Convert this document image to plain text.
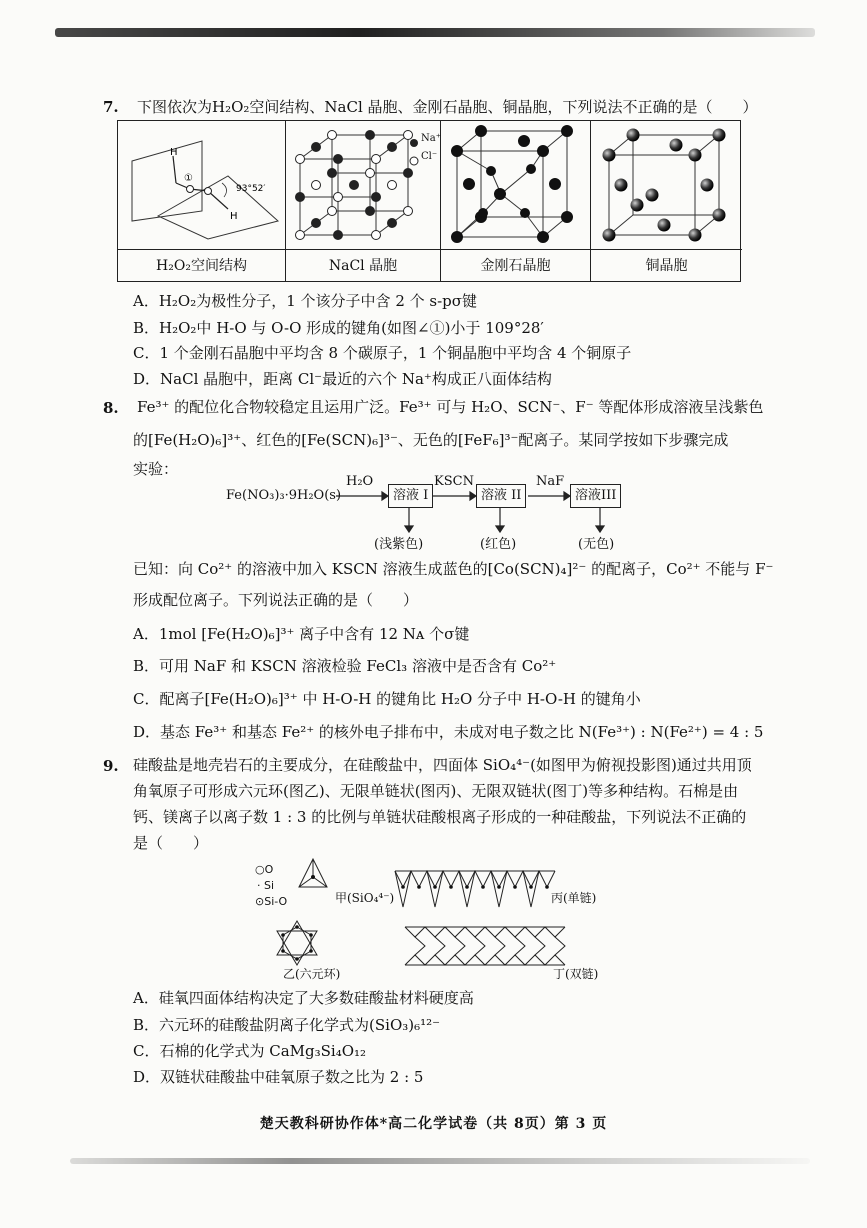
7. 下图依次为H₂O₂空间结构、NaCl 晶胞、金刚石晶胞、铜晶胞，下列说法不正确的是（　　）
H
H
①
93°52′
Na⁺
Cl⁻
H₂O₂空间结构	NaCl 晶胞	金刚石晶胞	铜晶胞
A．H₂O₂为极性分子，1 个该分子中含 2 个 s-pσ键
B．H₂O₂中 H-O 与 O-O 形成的键角(如图∠①)小于 109°28′
C．1 个金刚石晶胞中平均含 8 个碳原子，1 个铜晶胞中平均含 4 个铜原子
D．NaCl 晶胞中，距离 Cl⁻最近的六个 Na⁺构成正八面体结构
8. Fe³⁺ 的配位化合物较稳定且运用广泛。Fe³⁺ 可与 H₂O、SCN⁻、F⁻ 等配体形成溶液呈浅紫色
的[Fe(H₂O)₆]³⁺、红色的[Fe(SCN)₆]³⁻、无色的[FeF₆]³⁻配离子。某同学按如下步骤完成
实验：
Fe(NO₃)₃·9H₂O(s)
H₂O	KSCN	NaF
溶液 I	溶液 II	溶液III
(浅紫色)	(红色)	(无色)
已知：向 Co²⁺ 的溶液中加入 KSCN 溶液生成蓝色的[Co(SCN)₄]²⁻ 的配离子，Co²⁺ 不能与 F⁻
形成配位离子。下列说法正确的是（　　）
A．1mol [Fe(H₂O)₆]³⁺ 离子中含有 12 Nᴀ 个σ键
B．可用 NaF 和 KSCN 溶液检验 FeCl₃ 溶液中是否含有 Co²⁺
C．配离子[Fe(H₂O)₆]³⁺ 中 H-O-H 的键角比 H₂O 分子中 H-O-H 的键角小
D．基态 Fe³⁺ 和基态 Fe²⁺ 的核外电子排布中，未成对电子数之比 N(Fe³⁺) : N(Fe²⁺) = 4 : 5
9. 硅酸盐是地壳岩石的主要成分，在硅酸盐中，四面体 SiO₄⁴⁻(如图甲为俯视投影图)通过共用顶
角氧原子可形成六元环(图乙)、无限单链状(图丙)、无限双链状(图丁)等多种结构。石棉是由
钙、镁离子以离子数 1 : 3 的比例与单链状硅酸根离子形成的一种硅酸盐，下列说法不正确的
是（　　）
○O
· Si
⊙Si-O	甲(SiO₄⁴⁻)	丙(单链)
乙(六元环)	丁(双链)
A．硅氧四面体结构决定了大多数硅酸盐材料硬度高
B．六元环的硅酸盐阴离子化学式为(SiO₃)₆¹²⁻
C．石棉的化学式为 CaMg₃Si₄O₁₂
D．双链状硅酸盐中硅氧原子数之比为 2 : 5
楚天教科研协作体*高二化学试卷（共 8页）第 3 页
